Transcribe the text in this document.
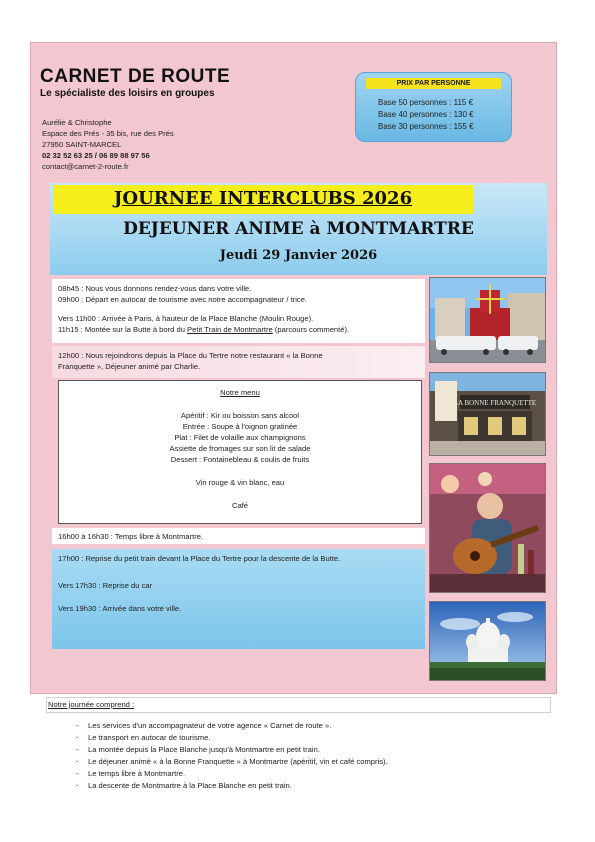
CARNET DE ROUTE
Le spécialiste des loisirs en groupes
Aurélie & Christophe
Espace des Prés - 35 bis, rue des Prés
27950 SAINT-MARCEL
02 32 52 63 25 / 06 89 88 97 56
contact@carnet-2-route.fr
PRIX PAR PERSONNE
Base 50 personnes : 115 €
Base 40 personnes : 130 €
Base 30 personnes : 155 €
JOURNEE INTERCLUBS 2026
DEJEUNER ANIME à MONTMARTRE
Jeudi 29 Janvier 2026
08h45 : Nous vous donnons rendez-vous dans votre ville.
09h00 : Départ en autocar de tourisme avec notre accompagnateur / trice.
Vers 11h00 : Arrivée à Paris, à hauteur de la Place Blanche (Moulin Rouge).
11h15 : Montée sur la Butte à bord du Petit Train de Montmartre (parcours commenté).
12h00 : Nous rejoindrons depuis la Place du Tertre notre restaurant « la Bonne
Franquette », Déjeuner animé par Charlie.
Notre menu
Apéritif : Kir ou boisson sans alcool
Entrée : Soupe à l'oignon gratinée
Plat : Filet de volaille aux champignons
Assiette de fromages sur son lit de salade
Dessert : Fontainebleau & coulis de fruits
Vin rouge & vin blanc, eau
Café
16h00 à 16h30 : Temps libre à Montmartre.
17h00 : Reprise du petit train devant la Place du Tertre pour la descente de la Butte.
Vers 17h30 : Reprise du car
Vers 19h30 : Arrivée dans votre ville.
LA BONNE FRANQUETTE
Notre journée comprend :
- Les services d'un accompagnateur de votre agence « Carnet de route ».
- Le transport en autocar de tourisme.
- La montée depuis la Place Blanche jusqu'à Montmartre en petit train.
- Le déjeuner animé « à la Bonne Franquette » à Montmartre (apéritif, vin et café compris).
- Le temps libre à Montmartre.
- La descente de Montmartre à la Place Blanche en petit train.
